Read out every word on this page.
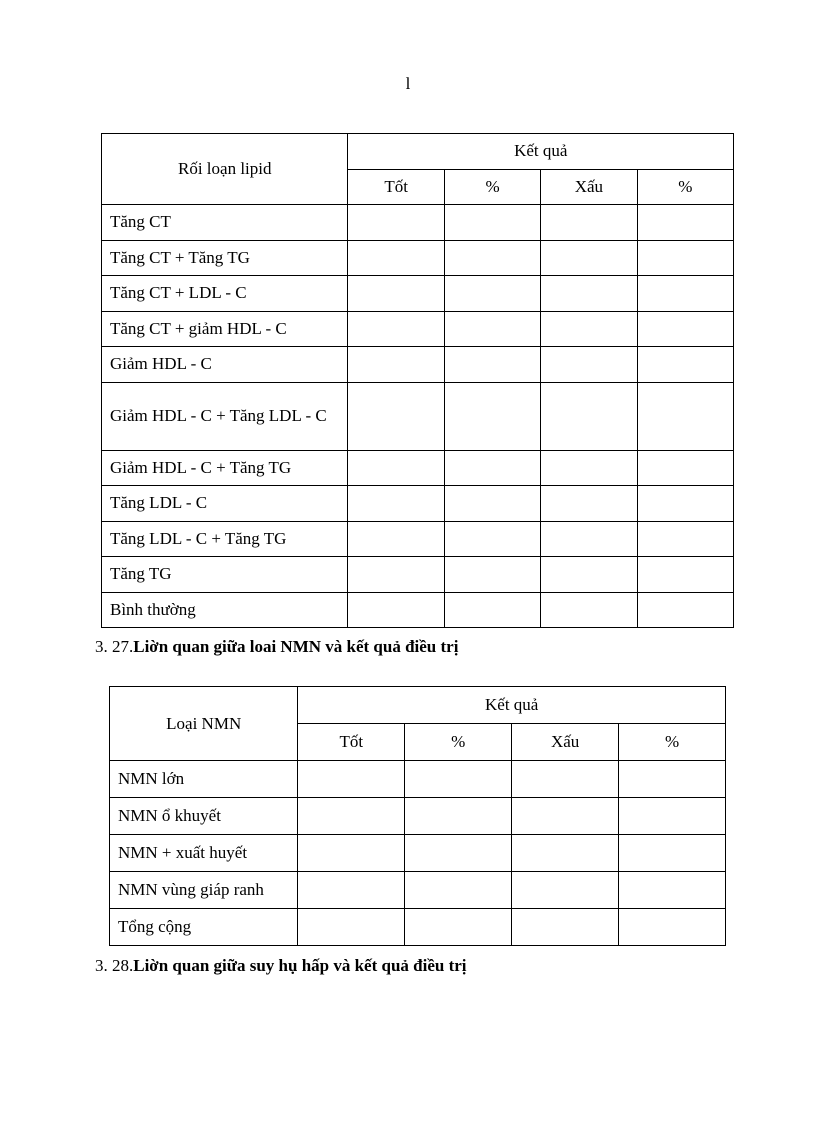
l
Rối loạn lipid	Kết quả			
	Tốt	%	Xấu	%
Tăng CT				
Tăng CT + Tăng TG				
Tăng CT + LDL - C				
Tăng CT + giảm HDL - C				
Giảm HDL - C				
Giảm HDL - C + Tăng LDL - C				
Giảm HDL - C + Tăng TG				
Tăng LDL - C				
Tăng LDL - C + Tăng TG				
Tăng TG				
Bình thường				
3. 27.Liờn quan giữa loai NMN và kết quả điều trị
Loại NMN	Kết quả			
	Tốt	%	Xấu	%
NMN lớn				
NMN ổ khuyết				
NMN + xuất huyết				
NMN vùng giáp ranh				
Tổng cộng				
3. 28.Liờn quan giữa suy hụ hấp và kết quả điều trị
